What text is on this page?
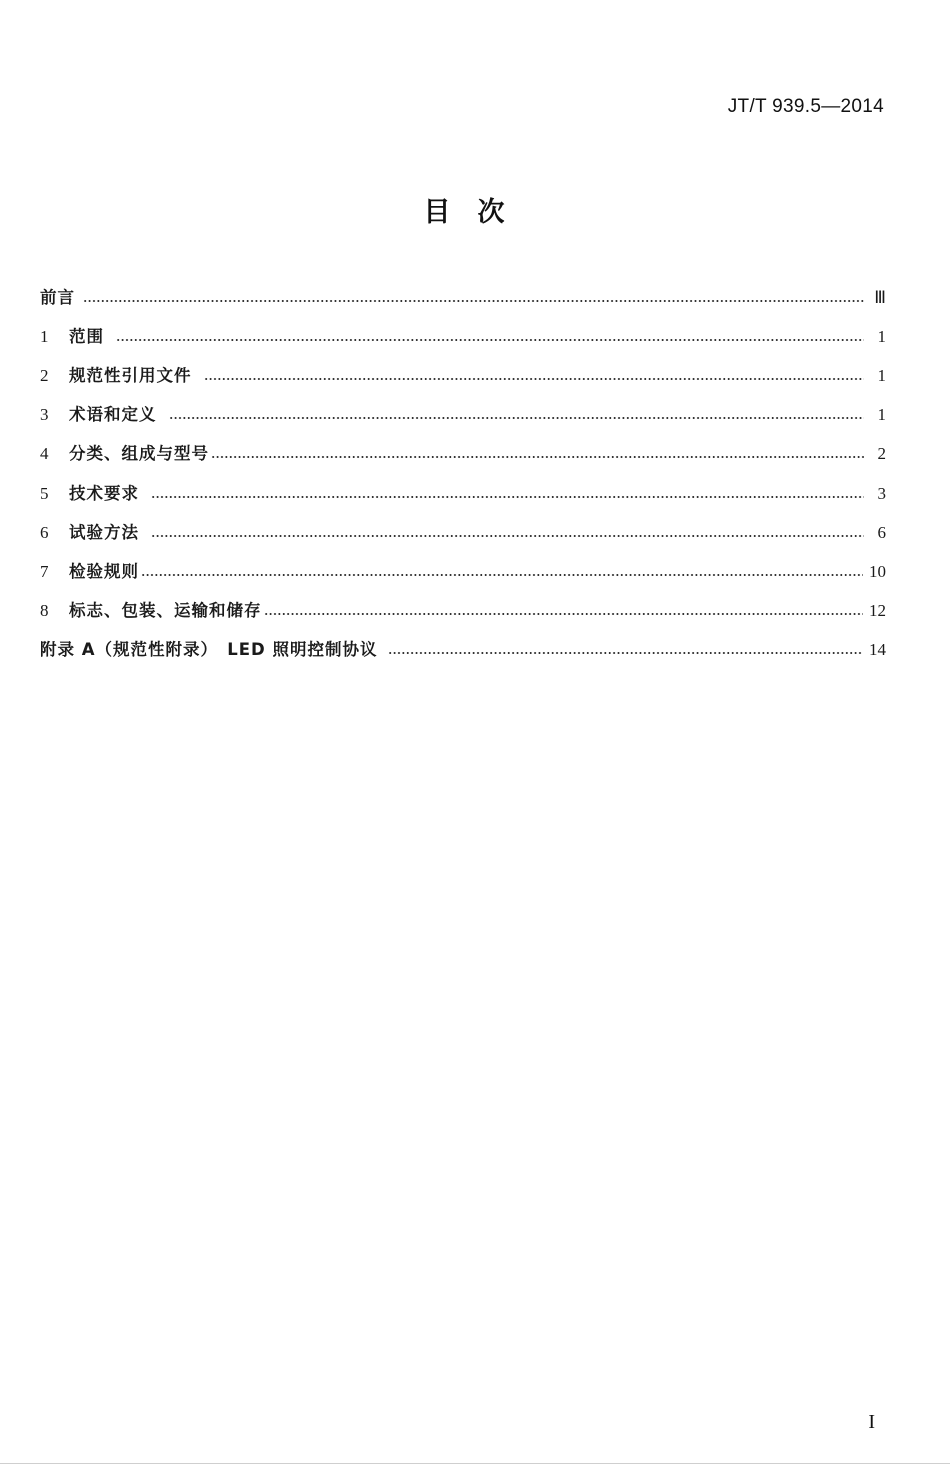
JT/T 939.5—2014
目　次
前言	Ⅲ
1	范围	1
2	规范性引用文件	1
3	术语和定义	1
4	分类、组成与型号	2
5	技术要求	3
6	试验方法	6
7	检验规则	10
8	标志、包装、运输和储存	12
附录 A（规范性附录）　LED 照明控制协议	14
I
